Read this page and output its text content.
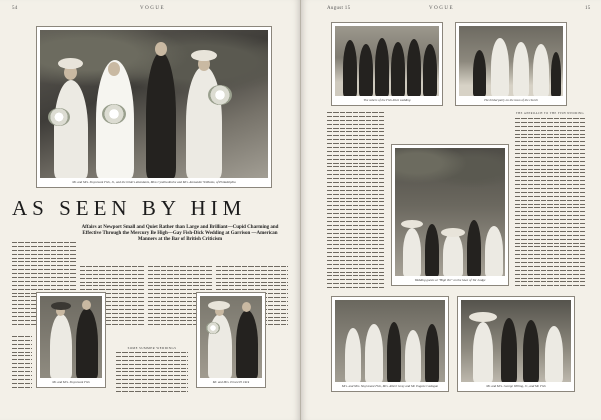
54	VOGUE
Mr. and Mrs. Stuyvesant Fish, Jr., and the bride's attendants, Miss Cynthia Roche and Mrs. Alexander Williams, of Philadelphia
AS SEEN BY HIM
Affairs at Newport Small and Quiet Rather than Large and Brilliant—Cupid Charming and Effective Through the Mercury Be High—Gay Fish-Dick Wedding at Garrison —American Manners at the Bar of British Criticism
Mr. and Mrs. Stuyvesant Fish
SOME SUMMER WEDDINGS
Mr. and Mrs. Ernest H. Dick
August 15	VOGUE	15
The ushers of the Fish-Dick wedding	The bridal party on the lawn of the church
Wedding guests at "High Tor" on the lawn of Tor Lodge
THE APPROACH TO THE FISH WEDDING
Mrs. and Mrs. Stuyvesant Fish, Mrs. Albert Gray and Mr. Eugene Cadogan	Mr. and Mrs. George Willing, Jr., and Mr. Fish
